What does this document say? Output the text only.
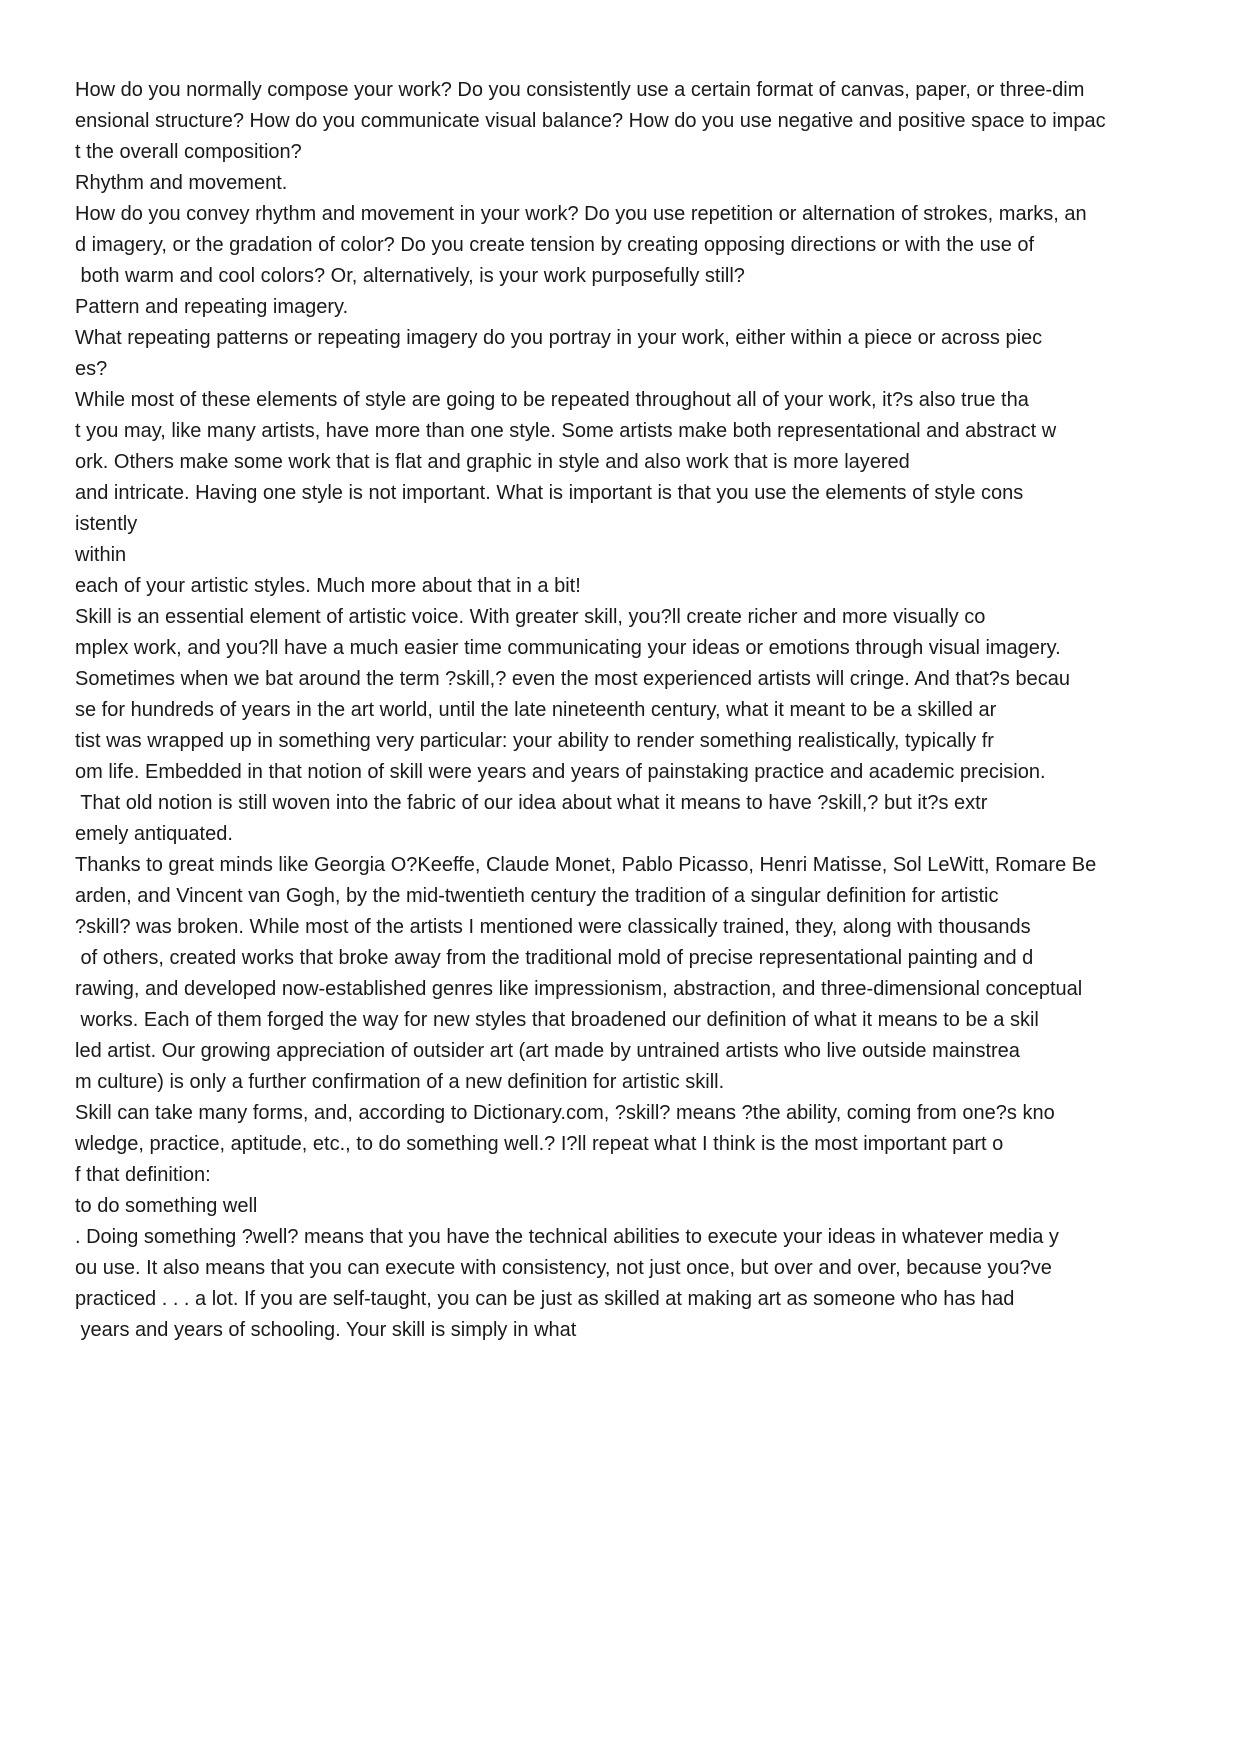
How do you normally compose your work? Do you consistently use a certain format of canvas, paper, or three-dim
ensional structure? How do you communicate visual balance? How do you use negative and positive space to impac
t the overall composition?
Rhythm and movement.
How do you convey rhythm and movement in your work? Do you use repetition or alternation of strokes, marks, an
d imagery, or the gradation of color? Do you create tension by creating opposing directions or with the use of
both warm and cool colors? Or, alternatively, is your work purposefully still?
Pattern and repeating imagery.
What repeating patterns or repeating imagery do you portray in your work, either within a piece or across piec
es?
While most of these elements of style are going to be repeated throughout all of your work, it?s also true tha
t you may, like many artists, have more than one style. Some artists make both representational and abstract w
ork. Others make some work that is flat and graphic in style and also work that is more layered
and intricate. Having one style is not important. What is important is that you use the elements of style cons
istently
within
each of your artistic styles. Much more about that in a bit!
Skill is an essential element of artistic voice. With greater skill, you?ll create richer and more visually co
mplex work, and you?ll have a much easier time communicating your ideas or emotions through visual imagery.
Sometimes when we bat around the term ?skill,? even the most experienced artists will cringe. And that?s becau
se for hundreds of years in the art world, until the late nineteenth century, what it meant to be a skilled ar
tist was wrapped up in something very particular: your ability to render something realistically, typically fr
om life. Embedded in that notion of skill were years and years of painstaking practice and academic precision.
That old notion is still woven into the fabric of our idea about what it means to have ?skill,? but it?s extr
emely antiquated.
Thanks to great minds like Georgia O?Keeffe, Claude Monet, Pablo Picasso, Henri Matisse, Sol LeWitt, Romare Be
arden, and Vincent van Gogh, by the mid-twentieth century the tradition of a singular definition for artistic
?skill? was broken. While most of the artists I mentioned were classically trained, they, along with thousands
of others, created works that broke away from the traditional mold of precise representational painting and d
rawing, and developed now-established genres like impressionism, abstraction, and three-dimensional conceptual
works. Each of them forged the way for new styles that broadened our definition of what it means to be a skil
led artist. Our growing appreciation of outsider art (art made by untrained artists who live outside mainstrea
m culture) is only a further confirmation of a new definition for artistic skill.
Skill can take many forms, and, according to Dictionary.com, ?skill? means ?the ability, coming from one?s kno
wledge, practice, aptitude, etc., to do something well.? I?ll repeat what I think is the most important part o
f that definition:
to do something well
. Doing something ?well? means that you have the technical abilities to execute your ideas in whatever media y
ou use. It also means that you can execute with consistency, not just once, but over and over, because you?ve
practiced . . . a lot. If you are self-taught, you can be just as skilled at making art as someone who has had
years and years of schooling. Your skill is simply in what
